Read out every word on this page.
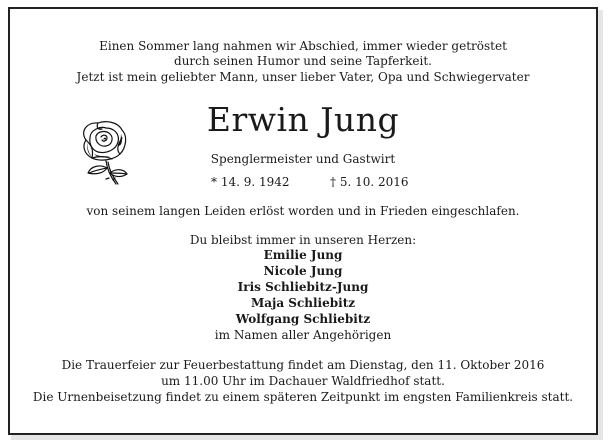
Einen Sommer lang nahmen wir Abschied, immer wieder getröstet
durch seinen Humor und seine Tapferkeit.
Jetzt ist mein geliebter Mann, unser lieber Vater, Opa und Schwiegervater
Erwin Jung
Spenglermeister und Gastwirt
* 14. 9. 1942	† 5. 10. 2016
von seinem langen Leiden erlöst worden und in Frieden eingeschlafen.
Du bleibst immer in unseren Herzen:
Emilie Jung
Nicole Jung
Iris Schliebitz-Jung
Maja Schliebitz
Wolfgang Schliebitz
im Namen aller Angehörigen
Die Trauerfeier zur Feuerbestattung findet am Dienstag, den 11. Oktober 2016
um 11.00 Uhr im Dachauer Waldfriedhof statt.
Die Urnenbeisetzung findet zu einem späteren Zeitpunkt im engsten Familienkreis statt.
